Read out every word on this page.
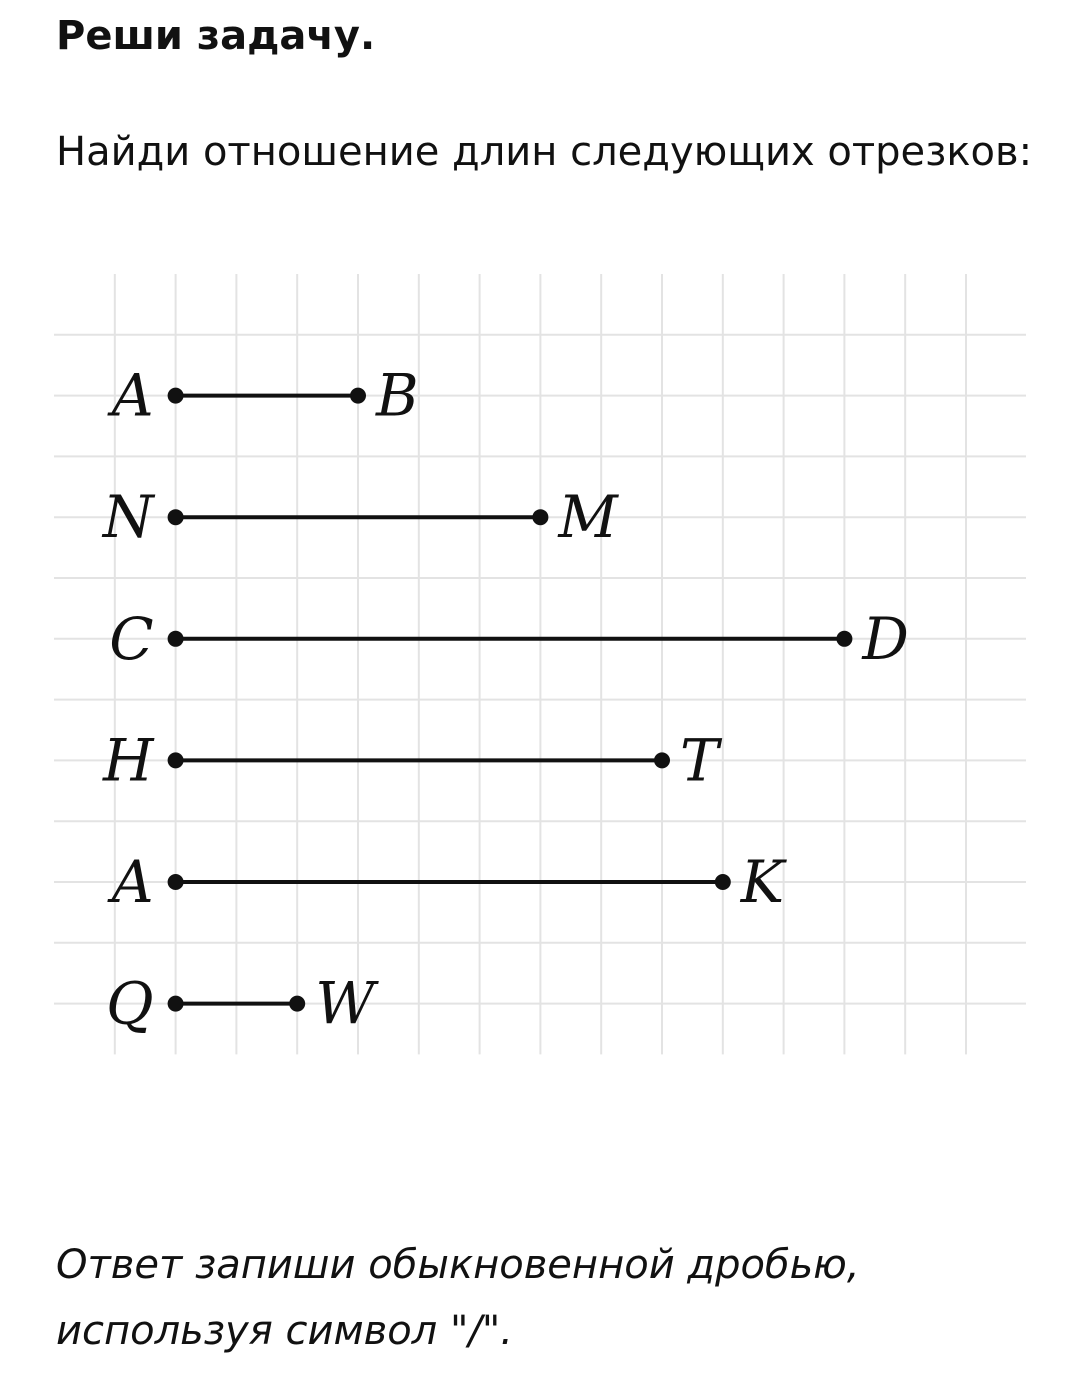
Реши задачу.

Найди отношение длин следующих отрезков:

A	B
N	M
C	D
H	T
A	K
Q	W

Ответ запиши обыкновенной дробью,
используя символ "/".
